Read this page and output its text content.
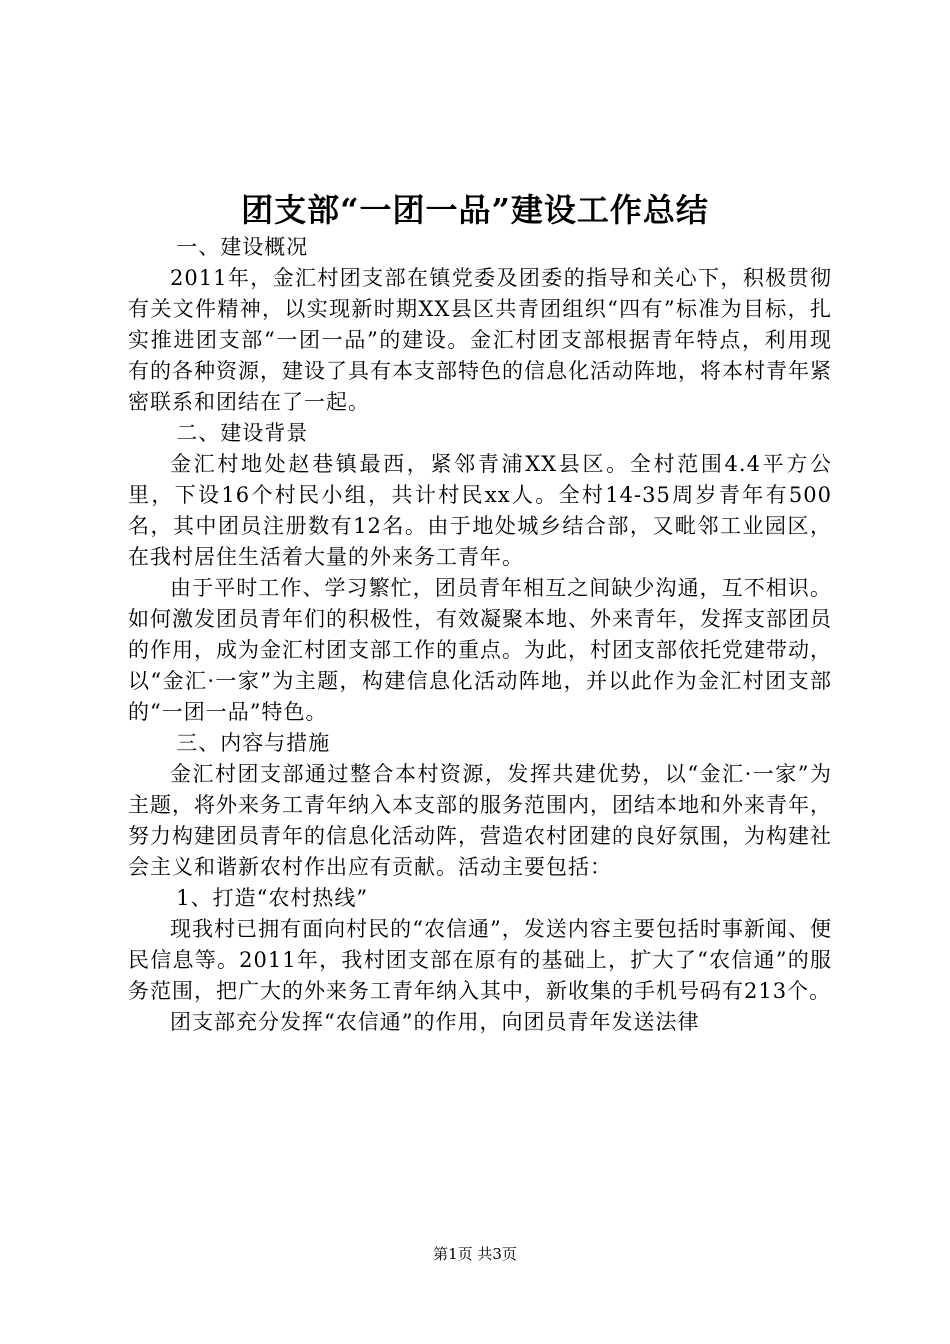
团支部“一团一品”建设工作总结

一、建设概况

2011年，金汇村团支部在镇党委及团委的指导和关心下，积极贯彻有关文件精神，以实现新时期XX县区共青团组织“四有”标准为目标，扎实推进团支部“一团一品”的建设。金汇村团支部根据青年特点，利用现有的各种资源，建设了具有本支部特色的信息化活动阵地，将本村青年紧密联系和团结在了一起。

二、建设背景

金汇村地处赵巷镇最西，紧邻青浦XX县区。全村范围4.4平方公里，下设16个村民小组，共计村民xx人。全村14-35周岁青年有500名，其中团员注册数有12名。由于地处城乡结合部，又毗邻工业园区，在我村居住生活着大量的外来务工青年。

由于平时工作、学习繁忙，团员青年相互之间缺少沟通，互不相识。如何激发团员青年们的积极性，有效凝聚本地、外来青年，发挥支部团员的作用，成为金汇村团支部工作的重点。为此，村团支部依托党建带动，以“金汇·一家”为主题，构建信息化活动阵地，并以此作为金汇村团支部的“一团一品”特色。

三、内容与措施

金汇村团支部通过整合本村资源，发挥共建优势，以“金汇·一家”为主题，将外来务工青年纳入本支部的服务范围内，团结本地和外来青年，努力构建团员青年的信息化活动阵，营造农村团建的良好氛围，为构建社会主义和谐新农村作出应有贡献。活动主要包括：

1、打造“农村热线”

现我村已拥有面向村民的“农信通”，发送内容主要包括时事新闻、便民信息等。2011年，我村团支部在原有的基础上，扩大了“农信通”的服务范围，把广大的外来务工青年纳入其中，新收集的手机号码有213个。

团支部充分发挥“农信通”的作用，向团员青年发送法律

第1页 共3页
